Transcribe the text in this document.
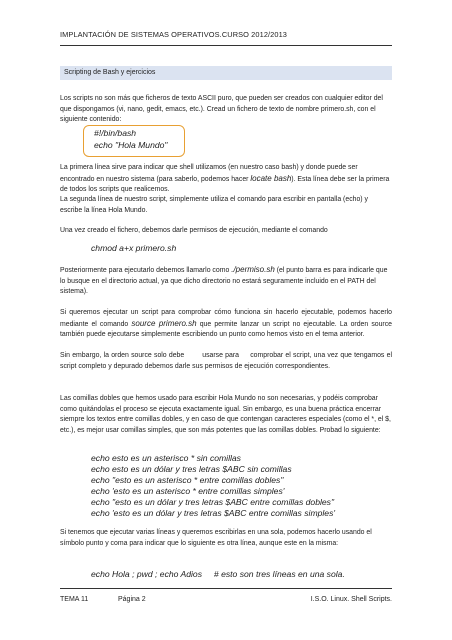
IMPLANTACIÓN DE SISTEMAS OPERATIVOS.CURSO 2012/2013
Scripting de Bash y ejercicios
Los scripts no son más que ficheros de texto ASCII puro, que pueden ser creados con cualquier editor del que dispongamos (vi, nano, gedit, emacs, etc.). Cread un fichero de texto de nombre primero.sh, con el siguiente contenido:
#!/bin/bash
echo "Hola Mundo"
La primera línea sirve para indicar que shell utilizamos (en nuestro caso bash) y donde puede ser encontrado en nuestro sistema (para saberlo, podemos hacer locate bash). Esta línea debe ser la primera de todos los scripts que realicemos.
La segunda línea de nuestro script, simplemente utiliza el comando para escribir en pantalla (echo) y escribe la línea Hola Mundo.
Una vez creado el fichero, debemos darle permisos de ejecución, mediante el comando
chmod a+x primero.sh
Posteriormente para ejecutarlo debemos llamarlo como ./permiso.sh (el punto barra es para indicarle que lo busque en el directorio actual, ya que dicho directorio no estará seguramente incluido en el PATH del sistema).
Si queremos ejecutar un script para comprobar cómo funciona sin hacerlo ejecutable, podemos hacerlo mediante el comando source primero.sh que permite lanzar un script no ejecutable. La orden source también puede ejecutarse simplemente escribiendo un punto como hemos visto en el tema anterior.
Sin embargo, la orden source solo debe        usarse para     comprobar el script, una vez que tengamos el script completo y depurado debemos darle sus permisos de ejecución correspondientes.
Las comillas dobles que hemos usado para escribir Hola Mundo no son necesarias, y podéis comprobar como quitándolas el proceso se ejecuta exactamente igual. Sin embargo, es una buena práctica encerrar siempre los textos entre comillas dobles, y en caso de que contengan caracteres especiales (como el *, el $, etc.), es mejor usar comillas simples, que son más potentes que las comillas dobles. Probad lo siguiente:
echo esto es un asterisco * sin comillas
echo esto es un dólar y tres letras $ABC sin comillas
echo "esto es un asterisco * entre comillas dobles"
echo 'esto es un asterisco * entre comillas simples'
echo "esto es un dólar y tres letras $ABC entre comillas dobles"
echo 'esto es un dólar y tres letras $ABC entre comillas simples'
Si tenemos que ejecutar varias líneas y queremos escribirlas en una sola, podemos hacerlo usando el símbolo punto y coma para indicar que lo siguiente es otra línea, aunque este en la misma:
echo Hola ; pwd ; echo Adios     # esto son tres líneas en una sola.
TEMA 11	Página 2	I.S.O. Linux. Shell Scripts.
